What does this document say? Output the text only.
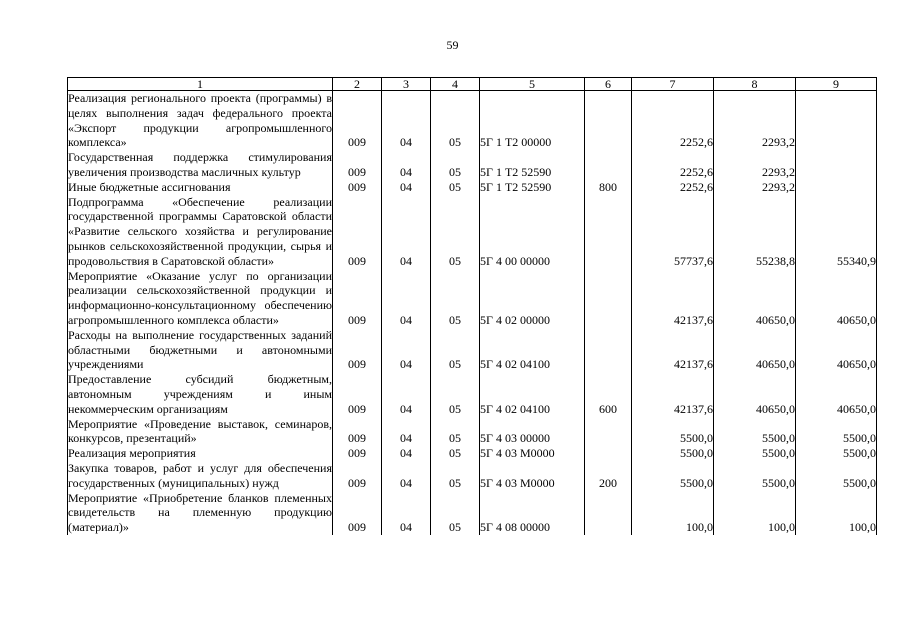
59
1	2	3	4	5	6	7	8	9
Реализация регионального проекта (программы) в целях выполнения задач федерального проекта «Экспорт продукции агропромышленного комплекса»	009	04	05	5Г 1 Т2 00000		2252,6	2293,2	
Государственная поддержка стимулирования увеличения производства масличных культур	009	04	05	5Г 1 Т2 52590		2252,6	2293,2	
Иные бюджетные ассигнования	009	04	05	5Г 1 Т2 52590	800	2252,6	2293,2	
Подпрограмма «Обеспечение реализации государственной программы Саратовской области «Развитие сельского хозяйства и регулирование рынков сельскохозяйственной продукции, сырья и продовольствия в Саратовской области»	009	04	05	5Г 4 00 00000		57737,6	55238,8	55340,9
Мероприятие «Оказание услуг по организации реализации сельскохозяйственной продукции и информационно-консультационному обеспечению агропромышленного комплекса области»	009	04	05	5Г 4 02 00000		42137,6	40650,0	40650,0
Расходы на выполнение государственных заданий областными бюджетными и автономными учреждениями	009	04	05	5Г 4 02 04100		42137,6	40650,0	40650,0
Предоставление субсидий бюджетным, автономным учреждениям и иным некоммерческим организациям	009	04	05	5Г 4 02 04100	600	42137,6	40650,0	40650,0
Мероприятие «Проведение выставок, семинаров, конкурсов, презентаций»	009	04	05	5Г 4 03 00000		5500,0	5500,0	5500,0
Реализация мероприятия	009	04	05	5Г 4 03 М0000		5500,0	5500,0	5500,0
Закупка товаров, работ и услуг для обеспечения государственных (муниципальных) нужд	009	04	05	5Г 4 03 М0000	200	5500,0	5500,0	5500,0
Мероприятие «Приобретение бланков племенных свидетельств на племенную продукцию (материал)»	009	04	05	5Г 4 08 00000		100,0	100,0	100,0
